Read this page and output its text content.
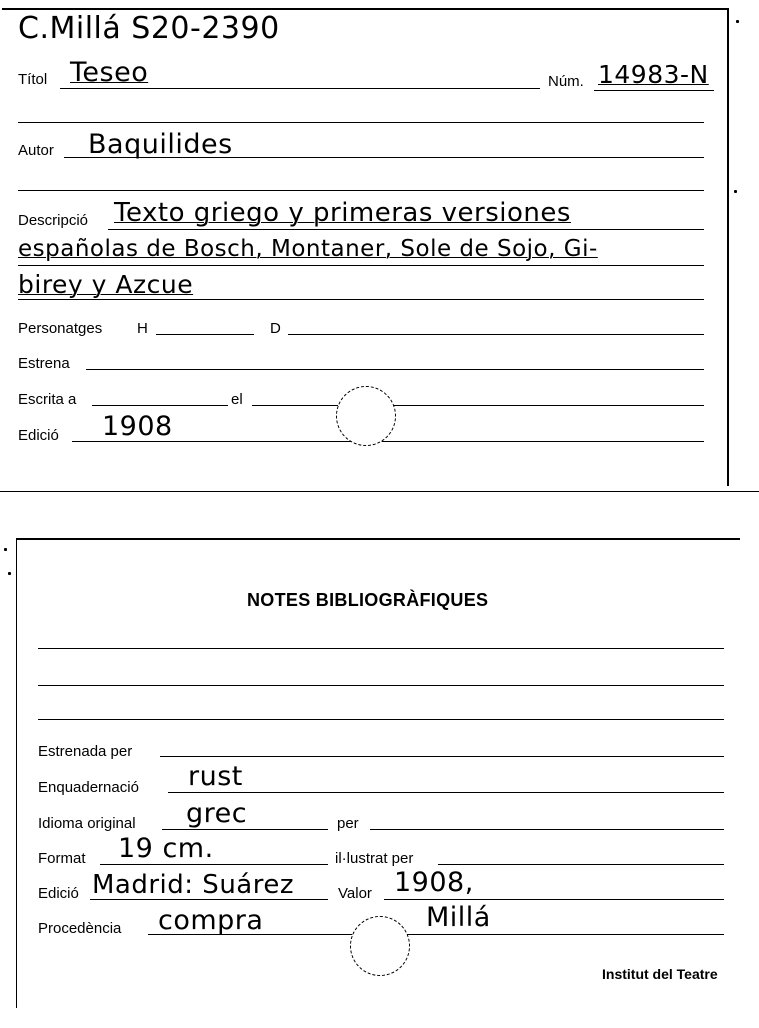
C.Millá S20-2390
Títol Teseo	Núm. 14983-N
Autor Baquilides
Descripció Texto griego y primeras versiones
españolas de Bosch, Montaner, Sole de Sojo, Gi-
birey y Azcue
Personatges H	D
Estrena
Escrita a	el
Edició 1908
NOTES BIBLIOGRÀFIQUES
Estrenada per
Enquadernació rust
Idioma original grec	per
Format 19 cm.	il·lustrat per
Edició Madrid: Suárez	Valor 1908,
Procedència compra	Millá
Institut del Teatre
